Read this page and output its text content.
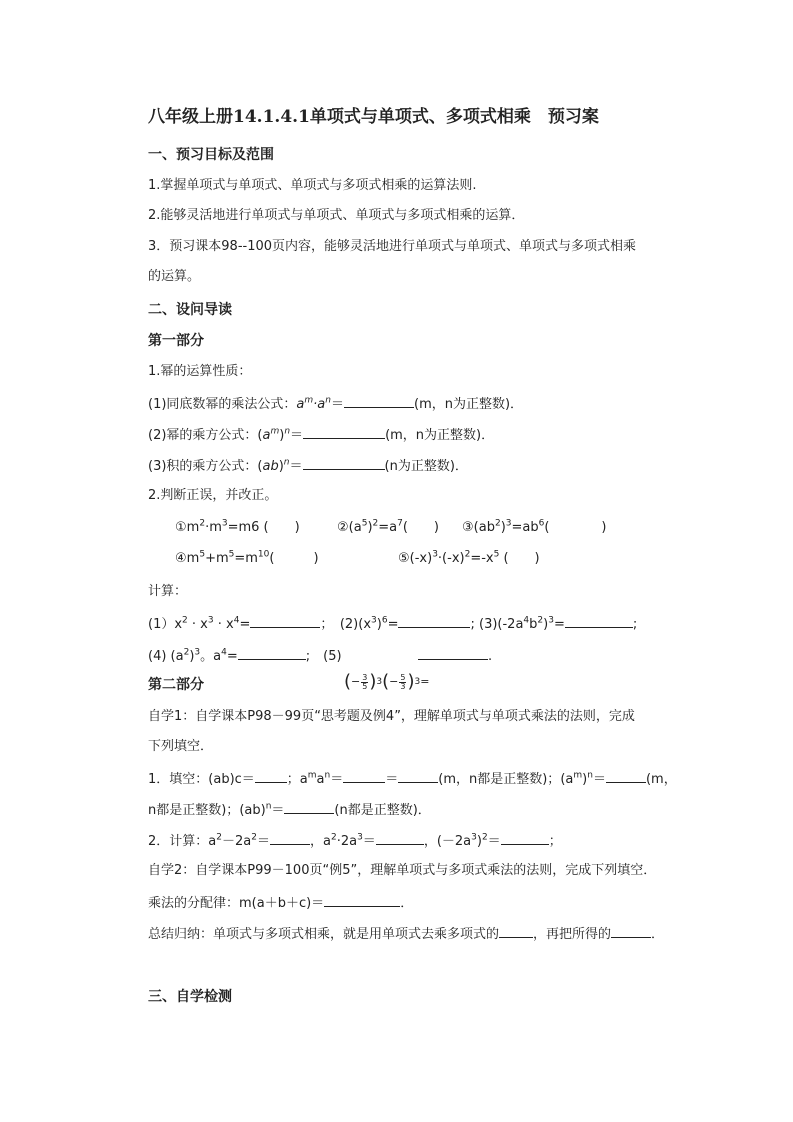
八年级上册14.1.4.1单项式与单项式、多项式相乘　预习案
一、预习目标及范围
1.掌握单项式与单项式、单项式与多项式相乘的运算法则.
2.能够灵活地进行单项式与单项式、单项式与多项式相乘的运算．
3．预习课本98--100页内容，能够灵活地进行单项式与单项式、单项式与多项式相乘
的运算。
二、设问导读
第一部分
1.幂的运算性质：
(1)同底数幂的乘法公式：$a^m\cdot a^n=$	(m，n为正整数)．
(2)幂的乘方公式：$(a^m)^n=$	(m，n为正整数)．
(3)积的乘方公式：(ab)$^n$＝	(n为正整数)．
2.判断正误，并改正。
$①m^2\cdot m^3=m6$ (　　)	$②(a^5)^2=a^7$(　　) $③(ab^2)^3=ab^6$(　　　　)
$④m^5+m^5=m^{10}$(　　　)	$⑤(-x)^3\cdot(-x)^2=-x^5$ (　　)
计算：
$(1)x^2 \cdot x^3 \cdot x^4=$	；　$(2)(x^3)^6=$	; $(3)(-2a^4b^2)^3=$	;
(4) $(a^2)^3$。$a^4=$	;　(5)	.
第二部分	( − 3
5 ) 3 ( − 5
3 ) 3 =
自学1：自学课本P98－99页“思考题及例4”，理解单项式与单项式乘法的法则，完成
下列填空．
1．填空：(ab)c＝ ；$a^ma^n=$	＝	(m，n都是正整数)；$(a^m)^n=$	(m，
n都是正整数)；(ab)$^n$＝	(n都是正整数)．
2．计算：$a^2-2a^2=$	，$a^2\cdot 2a^3=$	，$(-2a^3)^2=$	；
自学2：自学课本P99－100页“例5”，理解单项式与多项式乘法的法则，完成下列填空．
乘法的分配律：m(a＋b＋c)＝	．
总结归纳：单项式与多项式相乘，就是用单项式去乘多项式的	，再把所得的	．
三、自学检测
